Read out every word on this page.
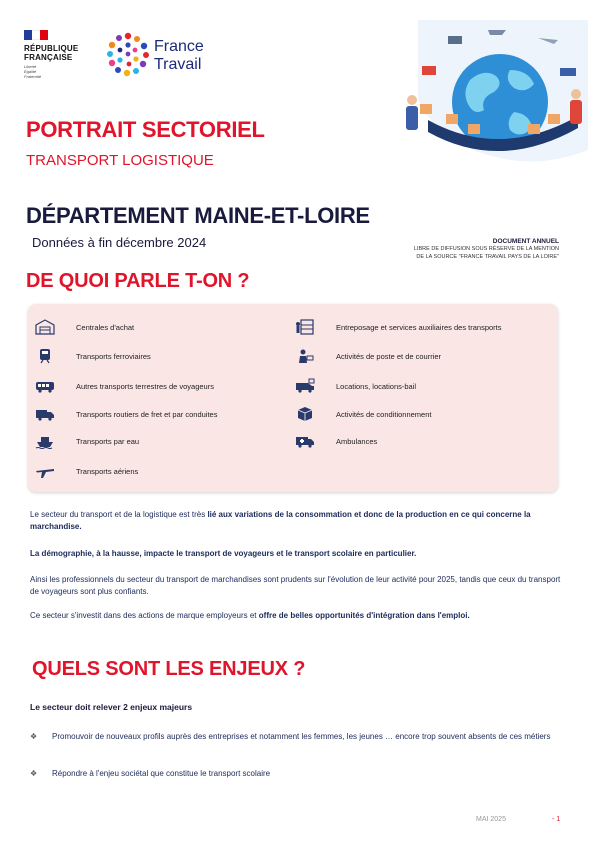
RÉPUBLIQUE
FRANÇAISE
Liberté
Égalité
Fraternité
France
Travail
PORTRAIT SECTORIEL
TRANSPORT LOGISTIQUE
DÉPARTEMENT MAINE-ET-LOIRE
Données à fin décembre 2024	DOCUMENT ANNUEL
LIBRE DE DIFFUSION SOUS RÉSERVE DE LA MENTION
DE LA SOURCE "FRANCE TRAVAIL PAYS DE LA LOIRE"
DE QUOI PARLE T-ON ?
Centrales d'achat
Transports ferroviaires
Autres transports terrestres de voyageurs
Transports routiers de fret et par conduites
Transports par eau
Transports aériens
Entreposage et services auxiliaires des transports
Activités de poste et de courrier
Locations, locations-bail
Activités de conditionnement
Ambulances
Le secteur du transport et de la logistique est très lié aux variations de la consommation et donc de la production en ce qui concerne la marchandise.
La démographie, à la hausse, impacte le transport de voyageurs et le transport scolaire en particulier.
Ainsi les professionnels du secteur du transport de marchandises sont prudents sur l'évolution de leur activité pour 2025, tandis que ceux du transport de voyageurs sont plus confiants.
Ce secteur s'investit dans des actions de marque employeurs et offre de belles opportunités d'intégration dans l'emploi.
QUELS SONT LES ENJEUX ?
Le secteur doit relever 2 enjeux majeurs
❖	Promouvoir de nouveaux profils auprès des entreprises et notamment les femmes, les jeunes … encore trop souvent absents de ces métiers
❖	Répondre à l'enjeu sociétal que constitue le transport scolaire
MAI 2025	- 1
